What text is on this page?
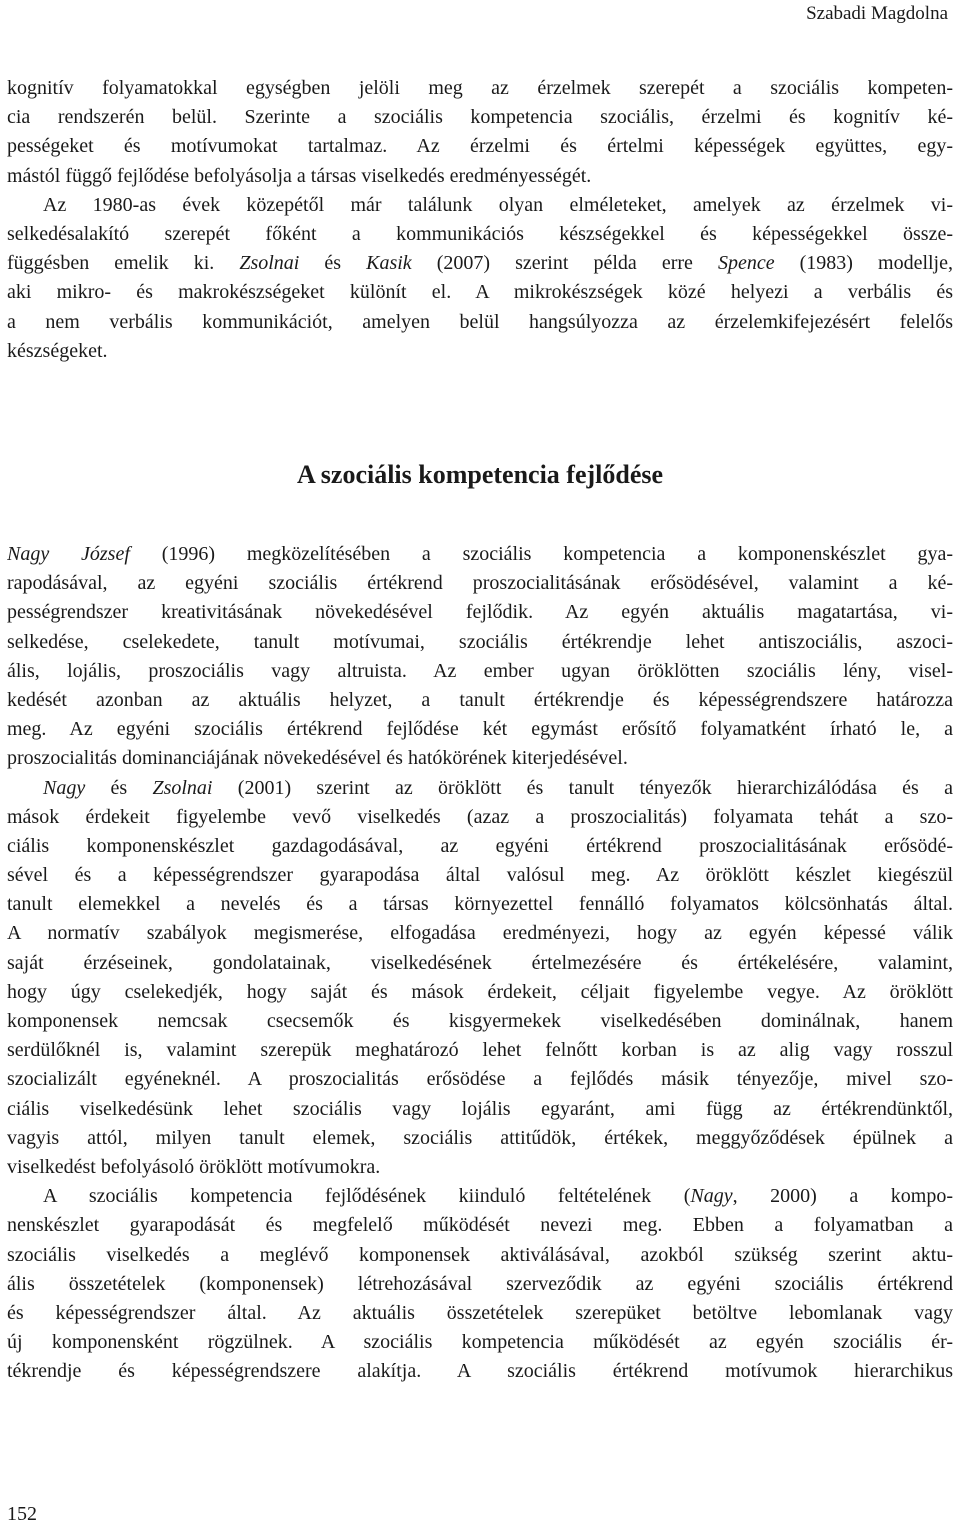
Szabadi Magdolna
kognitív folyamatokkal egységben jelöli meg az érzelmek szerepét a szociális kompeten-
cia rendszerén belül. Szerinte a szociális kompetencia szociális, érzelmi és kognitív ké-
pességeket és motívumokat tartalmaz. Az érzelmi és értelmi képességek együttes, egy-
mástól függő fejlődése befolyásolja a társas viselkedés eredményességét.
Az 1980-as évek közepétől már találunk olyan elméleteket, amelyek az érzelmek vi-
selkedésalakító szerepét főként a kommunikációs készségekkel és képességekkel össze-
függésben emelik ki. Zsolnai és Kasik (2007) szerint példa erre Spence (1983) modellje,
aki mikro- és makrokészségeket különít el. A mikrokészségek közé helyezi a verbális és
a nem verbális kommunikációt, amelyen belül hangsúlyozza az érzelemkifejezésért felelős
készségeket.
A szociális kompetencia fejlődése
Nagy József (1996) megközelítésében a szociális kompetencia a komponenskészlet gya-
rapodásával, az egyéni szociális értékrend proszocialitásának erősödésével, valamint a ké-
pességrendszer kreativitásának növekedésével fejlődik. Az egyén aktuális magatartása, vi-
selkedése, cselekedete, tanult motívumai, szociális értékrendje lehet antiszociális, aszoci-
ális, lojális, proszociális vagy altruista. Az ember ugyan öröklötten szociális lény, visel-
kedését azonban az aktuális helyzet, a tanult értékrendje és képességrendszere határozza
meg. Az egyéni szociális értékrend fejlődése két egymást erősítő folyamatként írható le, a
proszocialitás dominanciájának növekedésével és hatókörének kiterjedésével.
Nagy és Zsolnai (2001) szerint az öröklött és tanult tényezők hierarchizálódása és a
mások érdekeit figyelembe vevő viselkedés (azaz a proszocialitás) folyamata tehát a szo-
ciális komponenskészlet gazdagodásával, az egyéni értékrend proszocialitásának erősödé-
sével és a képességrendszer gyarapodása által valósul meg. Az öröklött készlet kiegészül
tanult elemekkel a nevelés és a társas környezettel fennálló folyamatos kölcsönhatás által.
A normatív szabályok megismerése, elfogadása eredményezi, hogy az egyén képessé válik
saját érzéseinek, gondolatainak, viselkedésének értelmezésére és értékelésére, valamint,
hogy úgy cselekedjék, hogy saját és mások érdekeit, céljait figyelembe vegye. Az öröklött
komponensek nemcsak csecsemők és kisgyermekek viselkedésében dominálnak, hanem
serdülőknél is, valamint szerepük meghatározó lehet felnőtt korban is az alig vagy rosszul
szocializált egyéneknél. A proszocialitás erősödése a fejlődés másik tényezője, mivel szo-
ciális viselkedésünk lehet szociális vagy lojális egyaránt, ami függ az értékrendünktől,
vagyis attól, milyen tanult elemek, szociális attitűdök, értékek, meggyőződések épülnek a
viselkedést befolyásoló öröklött motívumokra.
A szociális kompetencia fejlődésének kiinduló feltételének (Nagy, 2000) a kompo-
nenskészlet gyarapodását és megfelelő működését nevezi meg. Ebben a folyamatban a
szociális viselkedés a meglévő komponensek aktiválásával, azokból szükség szerint aktu-
ális összetételek (komponensek) létrehozásával szerveződik az egyéni szociális értékrend
és képességrendszer által. Az aktuális összetételek szerepüket betöltve lebomlanak vagy
új komponensként rögzülnek. A szociális kompetencia működését az egyén szociális ér-
tékrendje és képességrendszere alakítja. A szociális értékrend motívumok hierarchikus
152
